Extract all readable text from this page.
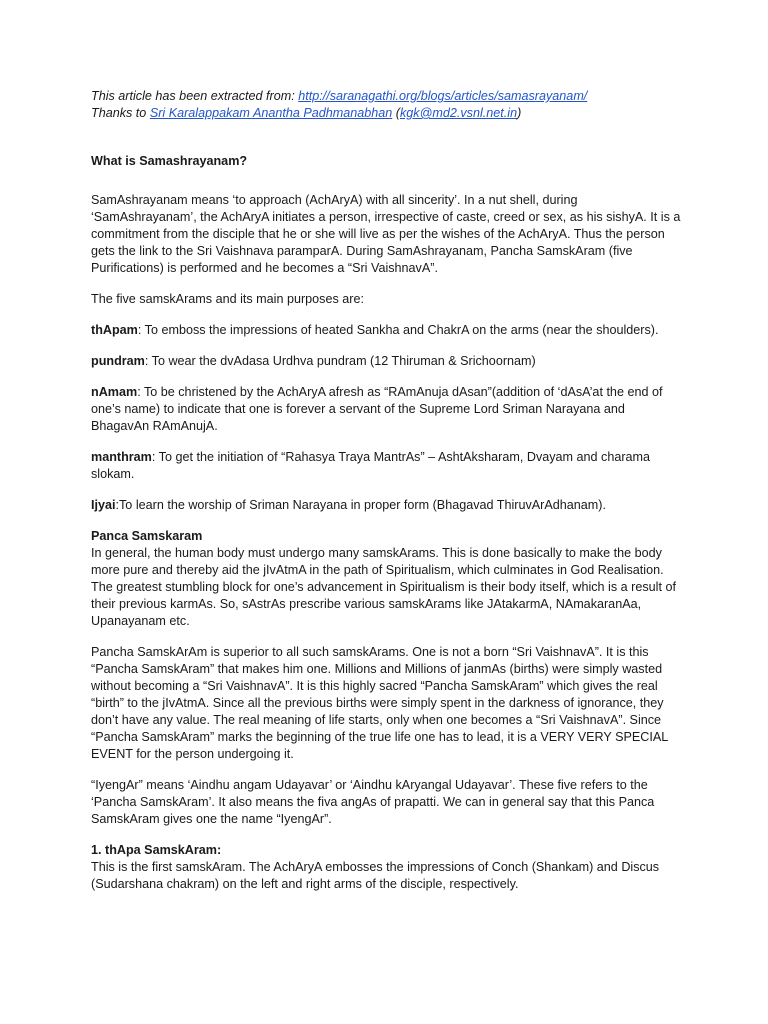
This article has been extracted from: http://saranagathi.org/blogs/articles/samasrayanam/

Thanks to Sri Karalappakam Anantha Padhmanabhan (kgk@md2.vsnl.net.in)

What is Samashrayanam?

SamAshrayanam means ‘to approach (AchAryA) with all sincerity’. In a nut shell, during ‘SamAshrayanam’, the AchAryA initiates a person, irrespective of caste, creed or sex, as his sishyA. It is a commitment from the disciple that he or she will live as per the wishes of the AchAryA. Thus the person gets the link to the Sri Vaishnava paramparA. During SamAshrayanam, Pancha SamskAram (five Purifications) is performed and he becomes a “Sri VaishnavA”.

The five samskArams and its main purposes are:

thApam: To emboss the impressions of heated Sankha and ChakrA on the arms (near the shoulders).

pundram: To wear the dvAdasa Urdhva pundram (12 Thiruman & Srichoornam)

nAmam: To be christened by the AchAryA afresh as “RAmAnuja dAsan”(addition of ‘dAsA’at the end of one’s name) to indicate that one is forever a servant of the Supreme Lord Sriman Narayana and BhagavAn RAmAnujA.

manthram: To get the initiation of “Rahasya Traya MantrAs” – AshtAksharam, Dvayam and charama slokam.

Ijyai:To learn the worship of Sriman Narayana in proper form (Bhagavad ThiruvArAdhanam).

Panca Samskaram

In general, the human body must undergo many samskArams. This is done basically to make the body more pure and thereby aid the jIvAtmA in the path of Spiritualism, which culminates in God Realisation. The greatest stumbling block for one’s advancement in Spiritualism is their body itself, which is a result of their previous karmAs. So, sAstrAs prescribe various samskArams like JAtakarmA, NAmakaranAa, Upanayanam etc.

Pancha SamskArAm is superior to all such samskArams. One is not a born “Sri VaishnavA”. It is this “Pancha SamskAram” that makes him one. Millions and Millions of janmAs (births) were simply wasted without becoming a “Sri VaishnavA”. It is this highly sacred “Pancha SamskAram” which gives the real “birth” to the jIvAtmA. Since all the previous births were simply spent in the darkness of ignorance, they don’t have any value. The real meaning of life starts, only when one becomes a “Sri VaishnavA”. Since “Pancha SamskAram” marks the beginning of the true life one has to lead, it is a VERY VERY SPECIAL EVENT for the person undergoing it.

“IyengAr” means ‘Aindhu angam Udayavar’ or ‘Aindhu kAryangal Udayavar’. These five refers to the ‘Pancha SamskAram’. It also means the fiva angAs of prapatti. We can in general say that this Panca SamskAram gives one the name “IyengAr”.

1. thApa SamskAram:

This is the first samskAram. The AchAryA embosses the impressions of Conch (Shankam) and Discus (Sudarshana chakram) on the left and right arms of the disciple, respectively.
